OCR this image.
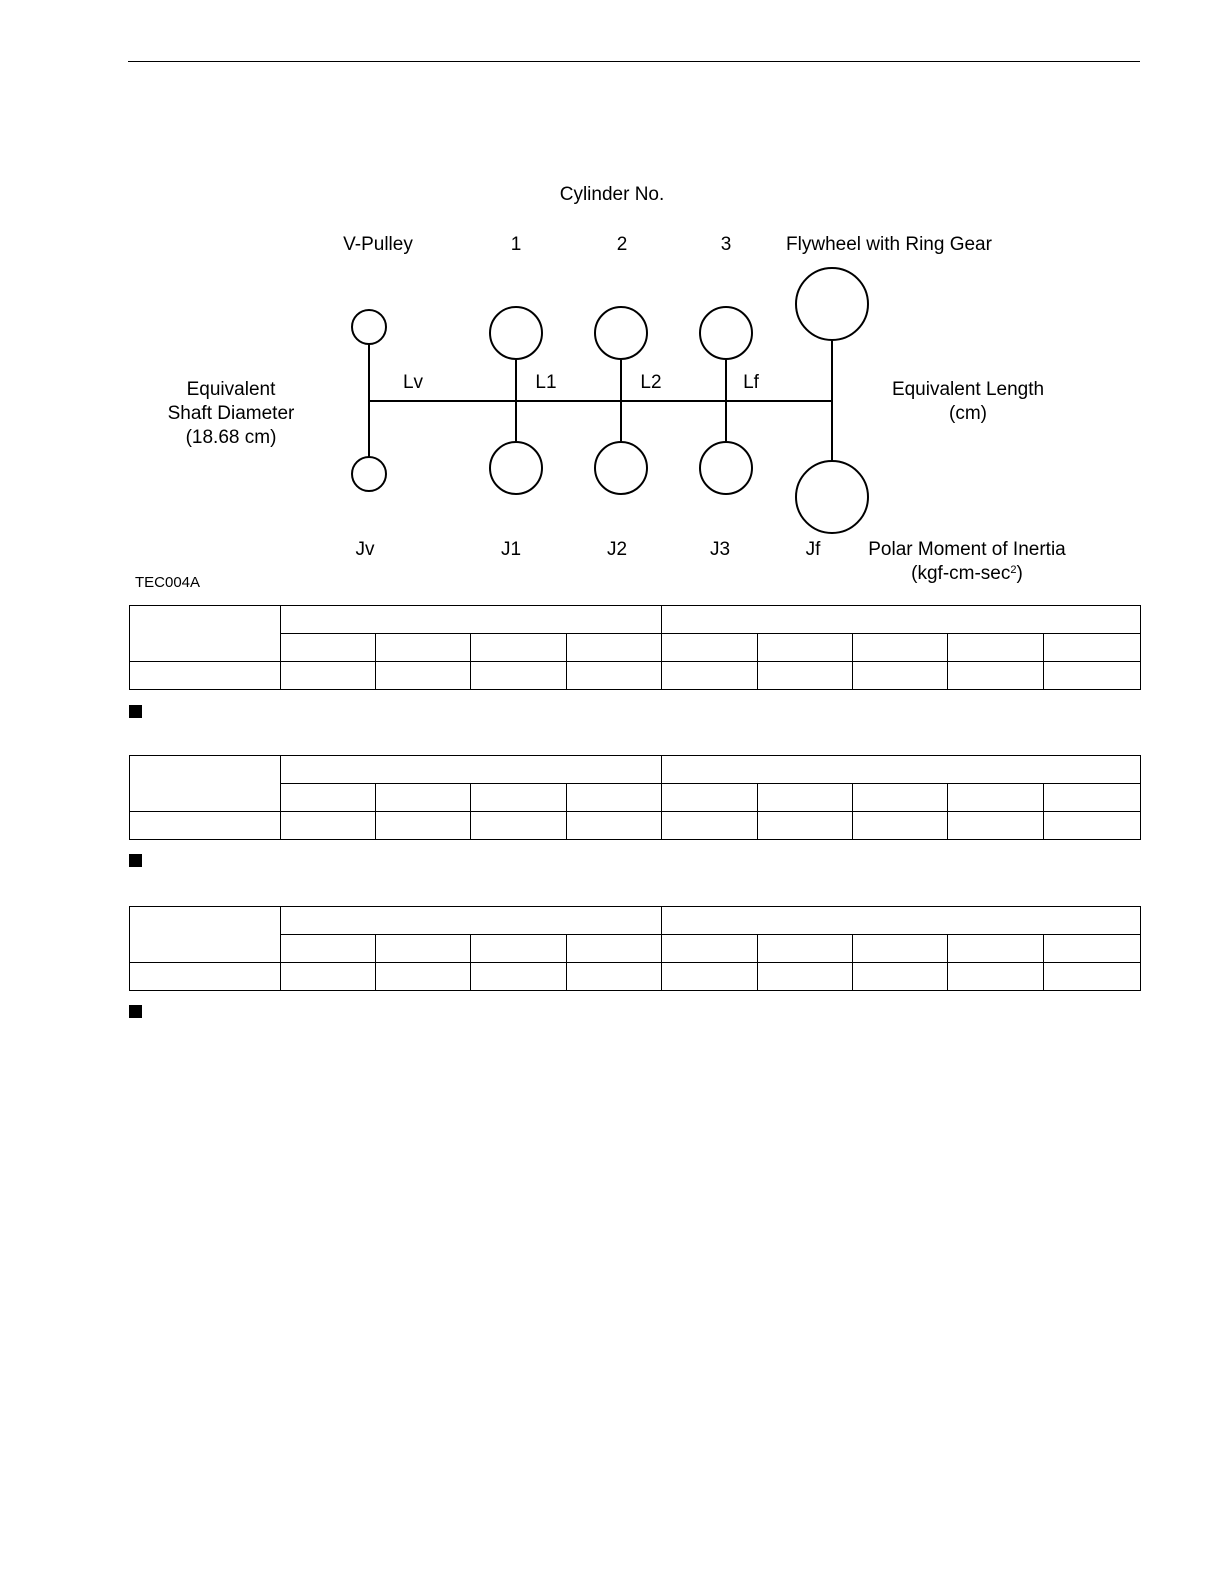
Cylinder No.
V-Pulley	1	2	3	Flywheel with Ring Gear
Lv	L1	L2	Lf
Equivalent
Shaft Diameter
(18.68 cm)
Equivalent Length
(cm)
Jv	J1	J2	J3	Jf	Polar Moment of Inertia
$(kgf-cm-\sec^2)$
TEC004A
